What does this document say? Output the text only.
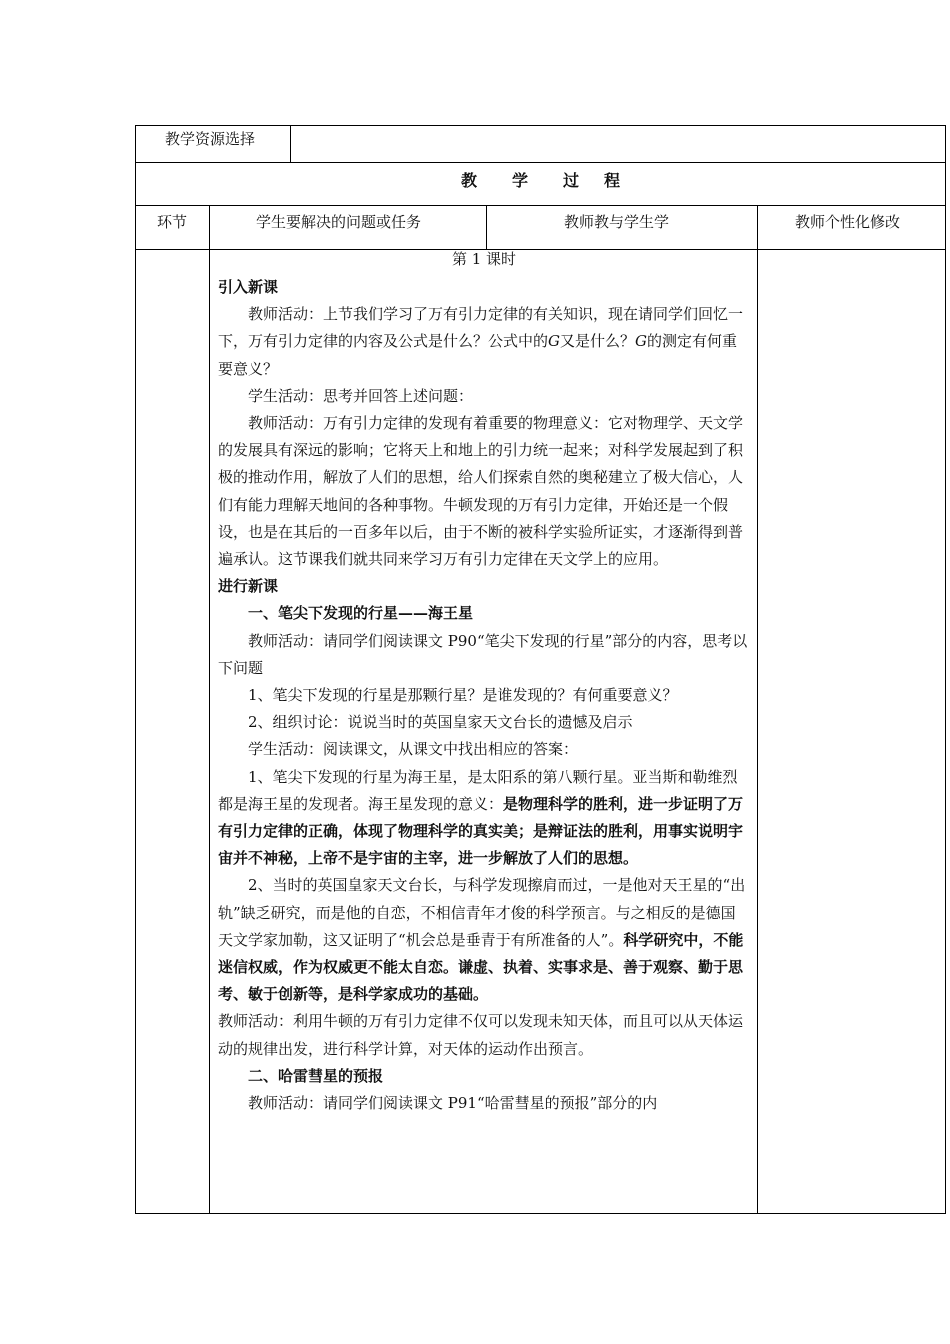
教学资源选择
教 学 过 程
环节	学生要解决的问题或任务	教师教与学生学	教师个性化修改

第 1 课时

引入新课

教师活动：上节我们学习了万有引力定律的有关知识，现在请同学们回忆一下，万有引力定律的内容及公式是什么？公式中的G又是什么？G的测定有何重要意义？

学生活动：思考并回答上述问题：

教师活动：万有引力定律的发现有着重要的物理意义：它对物理学、天文学的发展具有深远的影响；它将天上和地上的引力统一起来；对科学发展起到了积极的推动作用，解放了人们的思想，给人们探索自然的奥秘建立了极大信心，人们有能力理解天地间的各种事物。牛顿发现的万有引力定律，开始还是一个假设，也是在其后的一百多年以后，由于不断的被科学实验所证实，才逐渐得到普遍承认。这节课我们就共同来学习万有引力定律在天文学上的应用。

进行新课

一、笔尖下发现的行星——海王星

教师活动：请同学们阅读课文 P90“笔尖下发现的行星”部分的内容，思考以下问题

1、笔尖下发现的行星是那颗行星？是谁发现的？有何重要意义？

2、组织讨论：说说当时的英国皇家天文台长的遗憾及启示

学生活动：阅读课文，从课文中找出相应的答案：

1、笔尖下发现的行星为海王星，是太阳系的第八颗行星。亚当斯和勒维烈都是海王星的发现者。海王星发现的意义：是物理科学的胜利，进一步证明了万有引力定律的正确，体现了物理科学的真实美；是辩证法的胜利，用事实说明宇宙并不神秘，上帝不是宇宙的主宰，进一步解放了人们的思想。

2、当时的英国皇家天文台长，与科学发现擦肩而过，一是他对天王星的“出轨”缺乏研究，而是他的自恋，不相信青年才俊的科学预言。与之相反的是德国天文学家加勒，这又证明了“机会总是垂青于有所准备的人”。科学研究中，不能迷信权威，作为权威更不能太自恋。谦虚、执着、实事求是、善于观察、勤于思考、敏于创新等，是科学家成功的基础。

教师活动：利用牛顿的万有引力定律不仅可以发现未知天体，而且可以从天体运动的规律出发，进行科学计算，对天体的运动作出预言。

二、哈雷彗星的预报

教师活动：请同学们阅读课文 P91“哈雷彗星的预报”部分的内
